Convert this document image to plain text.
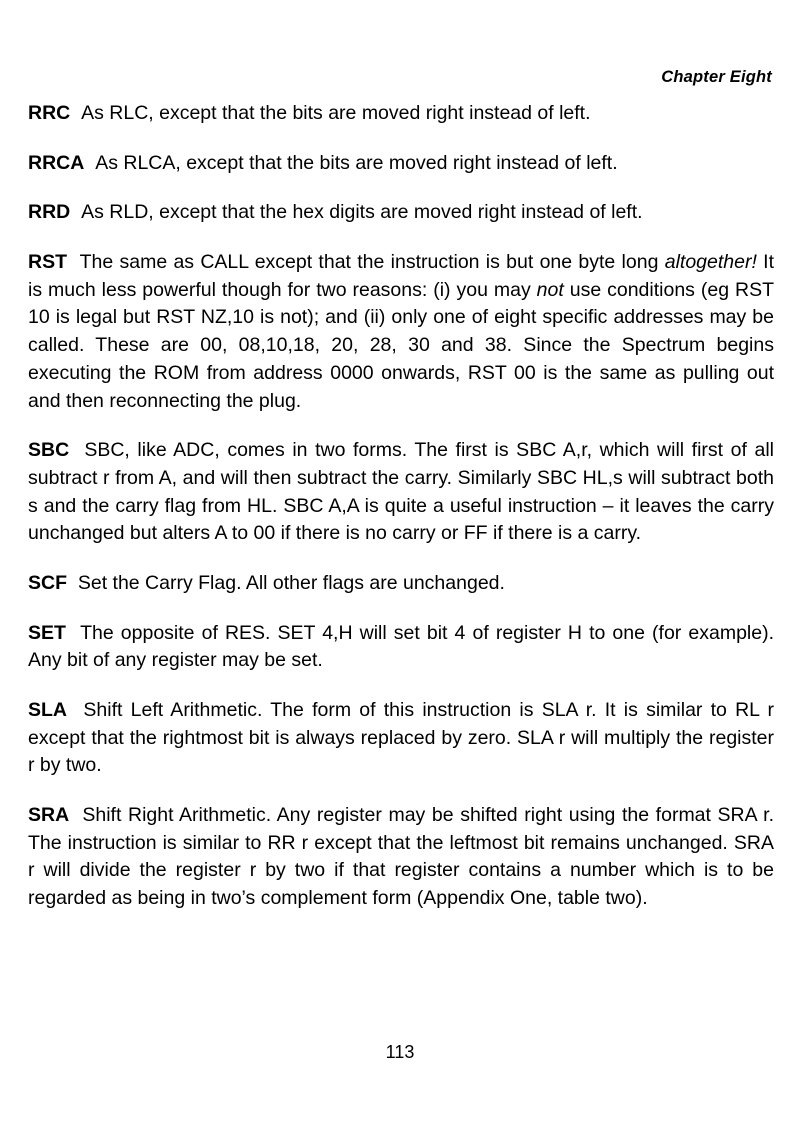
Chapter Eight

RRC As RLC, except that the bits are moved right instead of left.

RRCA As RLCA, except that the bits are moved right instead of left.

RRD As RLD, except that the hex digits are moved right instead of left.

RST The same as CALL except that the instruction is but one byte long altogether! It is much less powerful though for two reasons: (i) you may not use conditions (eg RST 10 is legal but RST NZ,10 is not); and (ii) only one of eight specific addresses may be called. These are 00, 08,10,18, 20, 28, 30 and 38. Since the Spectrum begins executing the ROM from address 0000 onwards, RST 00 is the same as pulling out and then reconnecting the plug.

SBC SBC, like ADC, comes in two forms. The first is SBC A,r, which will first of all subtract r from A, and will then subtract the carry. Similarly SBC HL,s will subtract both s and the carry flag from HL. SBC A,A is quite a useful instruction – it leaves the carry unchanged but alters A to 00 if there is no carry or FF if there is a carry.

SCF Set the Carry Flag. All other flags are unchanged.

SET The opposite of RES. SET 4,H will set bit 4 of register H to one (for example). Any bit of any register may be set.

SLA Shift Left Arithmetic. The form of this instruction is SLA r. It is similar to RL r except that the rightmost bit is always replaced by zero. SLA r will multiply the register r by two.

SRA Shift Right Arithmetic. Any register may be shifted right using the format SRA r. The instruction is similar to RR r except that the leftmost bit remains unchanged. SRA r will divide the register r by two if that register contains a number which is to be regarded as being in two’s complement form (Appendix One, table two).

113
